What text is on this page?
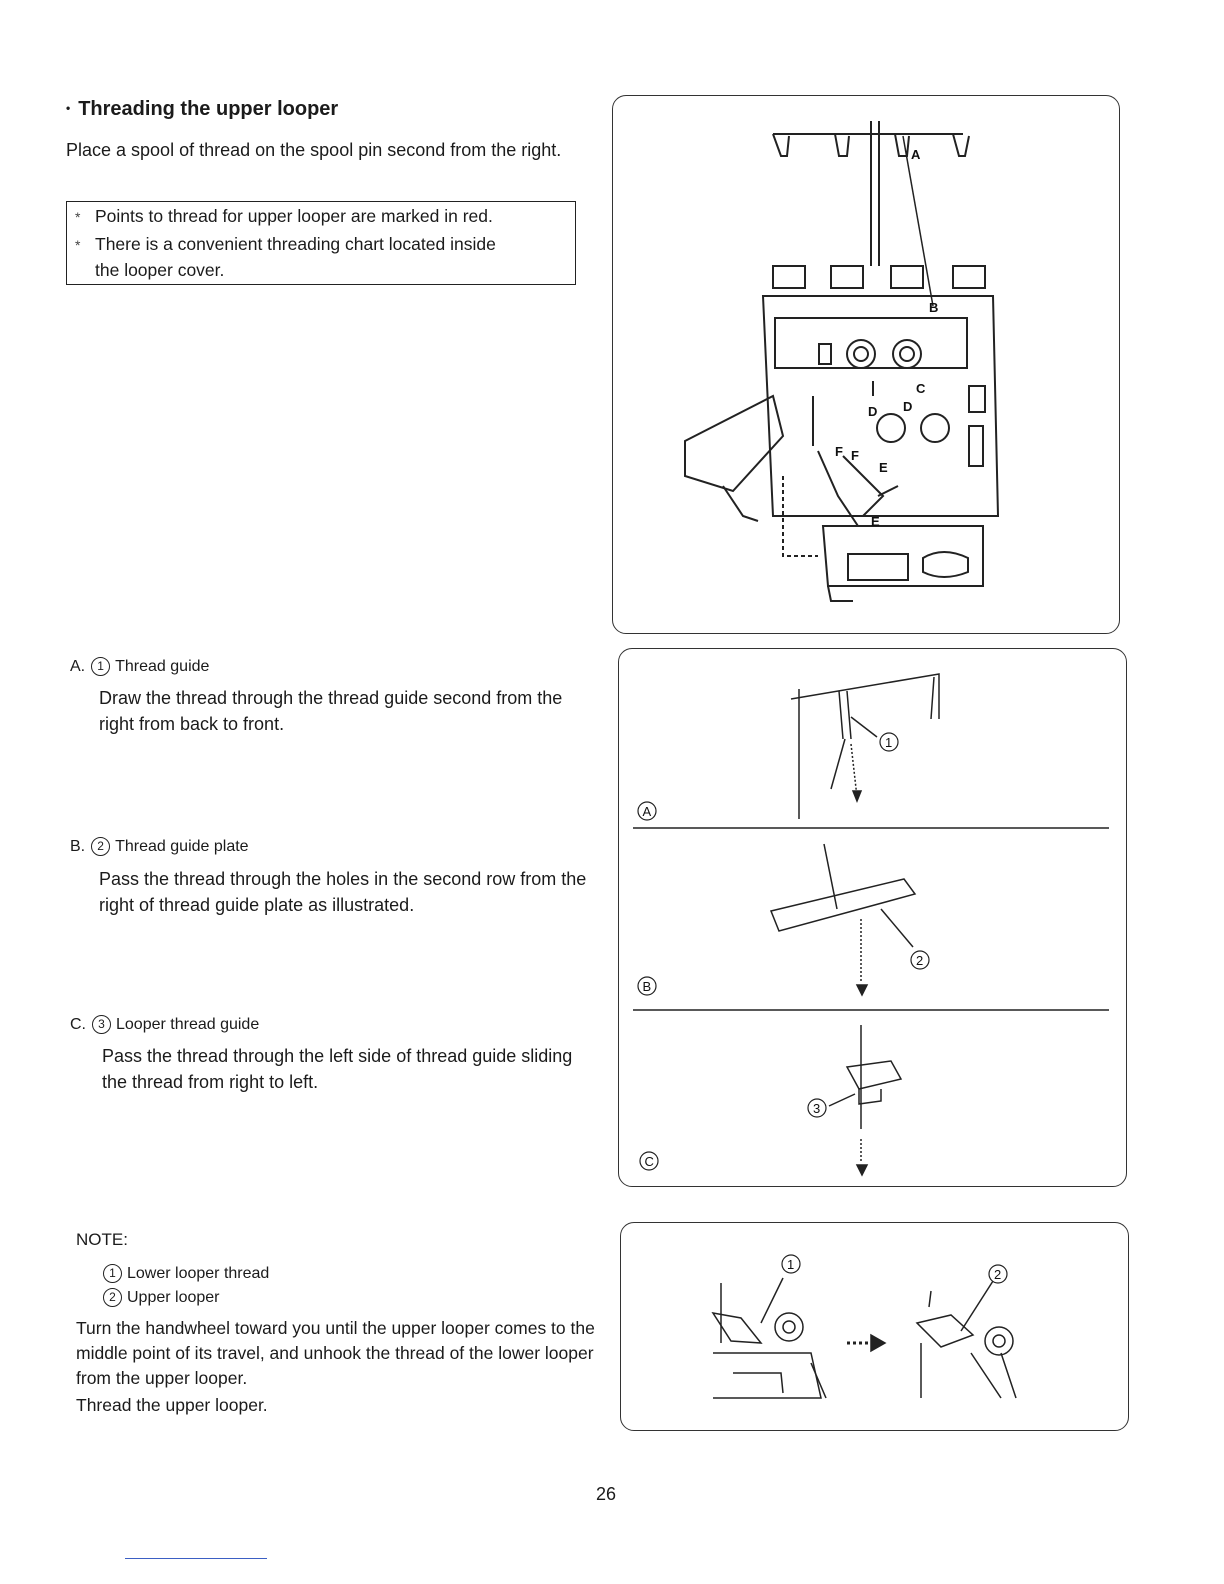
• Threading the upper looper
Place a spool of thread on the spool pin second from the right.
* Points to thread for upper looper are marked in red.
* There is a convenient threading chart located inside
the looper cover.
A. 1 Thread guide
Draw the thread through the thread guide second from the right from back to front.
B. 2 Thread guide plate
Pass the thread through the holes in the second row from the right of thread guide plate as illustrated.
C. 3 Looper thread guide
Pass the thread through the left side of thread guide sliding the thread from right to left.
NOTE:
1 Lower looper thread
2 Upper looper
Turn the handwheel toward you until the upper looper comes to the middle point of its travel, and unhook the thread of the lower looper from the upper looper.
Thread the upper looper.
A
B
C
D
D
E
E
F
F
A
B
C
1
2
3
1
2
26
